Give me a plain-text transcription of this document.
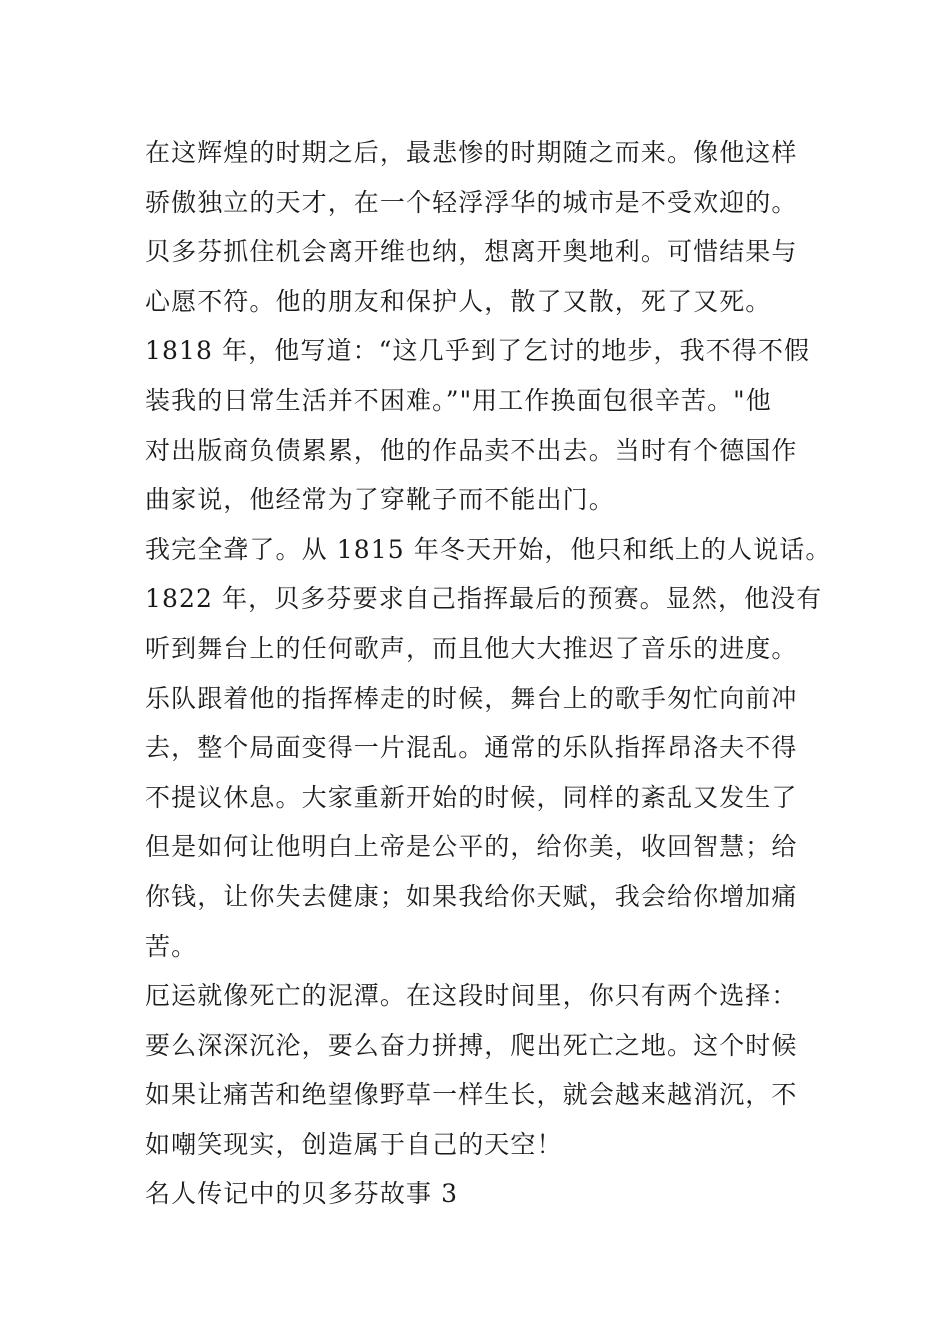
在这辉煌的时期之后，最悲惨的时期随之而来。像他这样
骄傲独立的天才，在一个轻浮浮华的城市是不受欢迎的。
贝多芬抓住机会离开维也纳，想离开奥地利。可惜结果与
心愿不符。他的朋友和保护人，散了又散，死了又死。
1818 年，他写道：“这几乎到了乞讨的地步，我不得不假
装我的日常生活并不困难。”"用工作换面包很辛苦。"他
对出版商负债累累，他的作品卖不出去。当时有个德国作
曲家说，他经常为了穿靴子而不能出门。
我完全聋了。从 1815 年冬天开始，他只和纸上的人说话。
1822 年，贝多芬要求自己指挥最后的预赛。显然，他没有
听到舞台上的任何歌声，而且他大大推迟了音乐的进度。
乐队跟着他的指挥棒走的时候，舞台上的歌手匆忙向前冲
去，整个局面变得一片混乱。通常的乐队指挥昂洛夫不得
不提议休息。大家重新开始的时候，同样的紊乱又发生了
但是如何让他明白上帝是公平的，给你美，收回智慧；给
你钱，让你失去健康；如果我给你天赋，我会给你增加痛
苦。
厄运就像死亡的泥潭。在这段时间里，你只有两个选择：
要么深深沉沦，要么奋力拼搏，爬出死亡之地。这个时候
如果让痛苦和绝望像野草一样生长，就会越来越消沉，不
如嘲笑现实，创造属于自己的天空！
名人传记中的贝多芬故事 3
